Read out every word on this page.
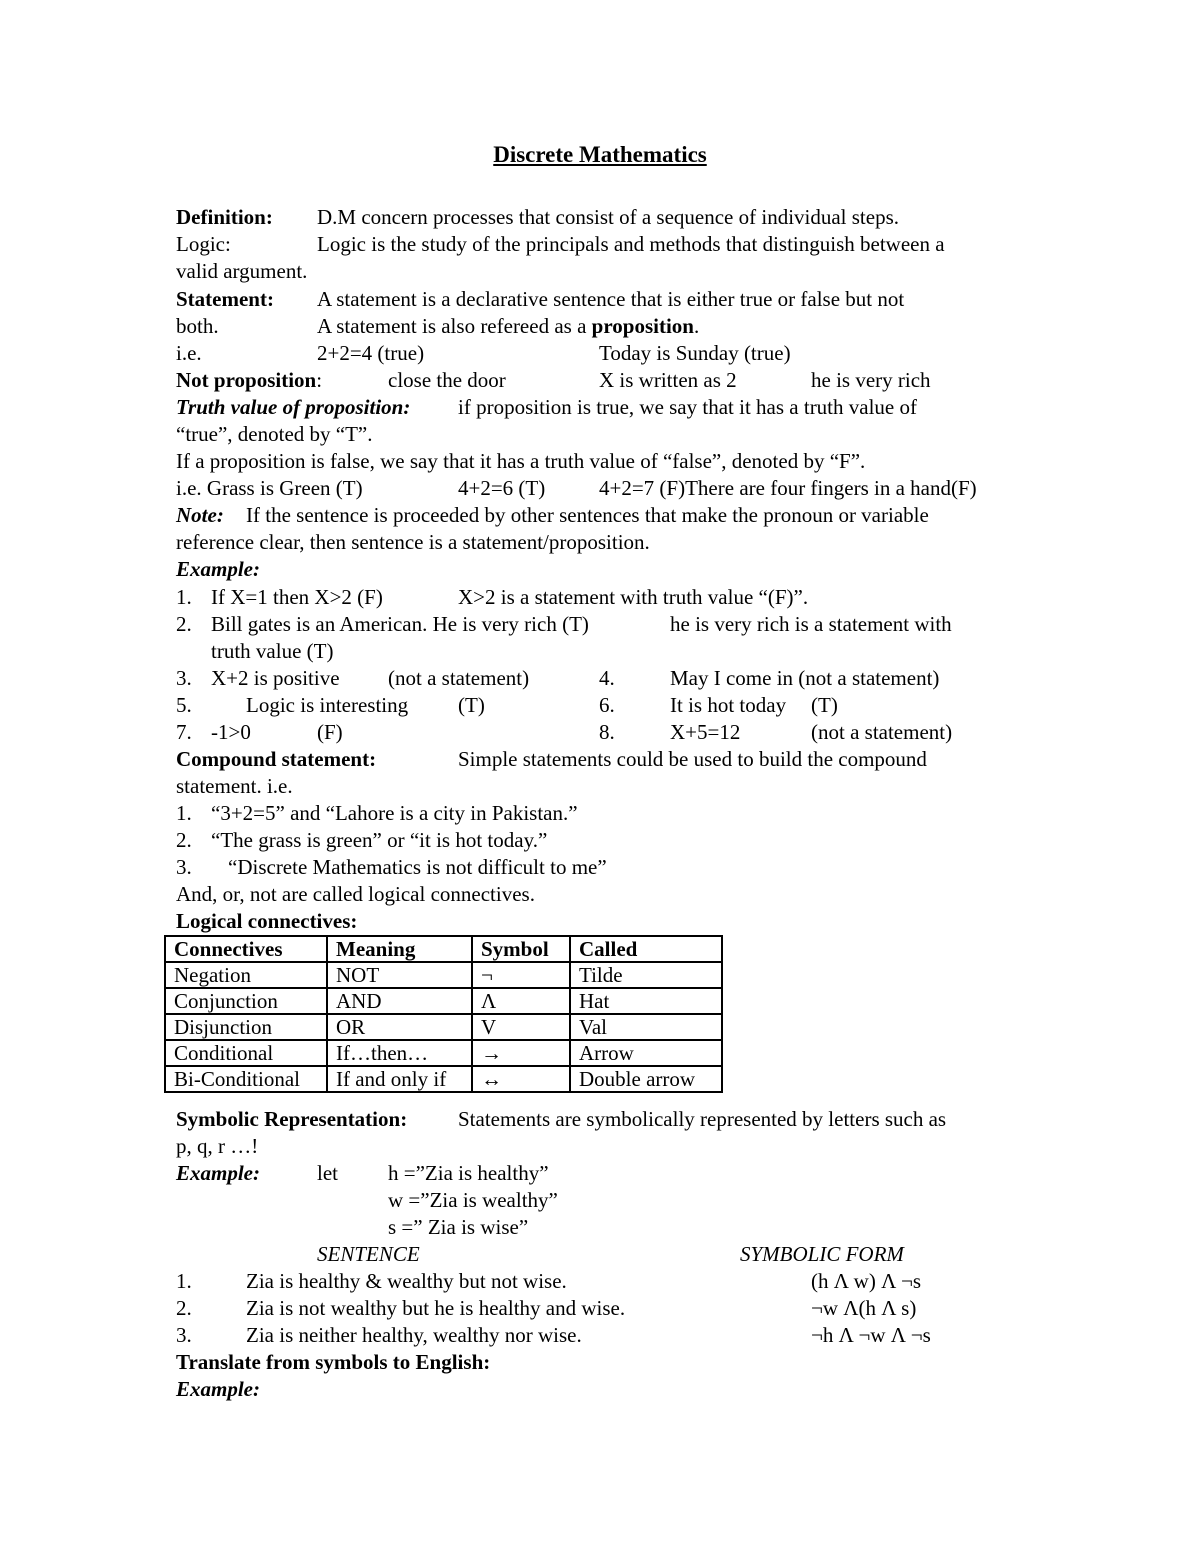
Discrete Mathematics
Definition: D.M concern processes that consist of a sequence of individual steps.
Logic:	Logic is the study of the principals and methods that distinguish between a
valid argument.
Statement: A statement is a declarative sentence that is either true or false but not
both.	A statement is also refereed as a proposition.
i.e.	2+2=4 (true)	Today is Sunday (true)
Not proposition:	close the door	X is written as 2	he is very rich
Truth value of proposition: if proposition is true, we say that it has a truth value of
“true”, denoted by “T”.
If a proposition is false, we say that it has a truth value of “false”, denoted by “F”.
i.e. Grass is Green (T)	4+2=6 (T)	4+2=7 (F)There are four fingers in a hand(F)
Note: If the sentence is proceeded by other sentences that make the pronoun or variable
reference clear, then sentence is a statement/proposition.
Example:
1. If X=1 then X>2 (F)	X>2 is a statement with truth value “(F)”.
2. Bill gates is an American. He is very rich (T)	he is very rich is a statement with
truth value (T)
3. X+2 is positive (not a statement)	4.	May I come in (not a statement)
5.	Logic is interesting (T)	6.	It is hot today (T)
7. -1>0	(F)	8.	X+5=12	(not a statement)
Compound statement:	Simple statements could be used to build the compound
statement. i.e.
1. “3+2=5” and “Lahore is a city in Pakistan.”
2. “The grass is green” or “it is hot today.”
3. “Discrete Mathematics is not difficult to me”
And, or, not are called logical connectives.
Logical connectives:
Connectives	Meaning	Symbol	Called
Negation	NOT	¬	Tilde
Conjunction	AND	Λ	Hat
Disjunction	OR	V	Val
Conditional	If…then…	→	Arrow
Bi-Conditional	If and only if	↔	Double arrow
Symbolic Representation: Statements are symbolically represented by letters such as
p, q, r …!
Example:	let h =”Zia is healthy”
w =”Zia is wealthy”
s =” Zia is wise”
SENTENCE	SYMBOLIC FORM
1.	Zia is healthy & wealthy but not wise.	(h Λ w) Λ ¬s
2.	Zia is not wealthy but he is healthy and wise.	¬w Λ(h Λ s)
3.	Zia is neither healthy, wealthy nor wise.	¬h Λ ¬w Λ ¬s
Translate from symbols to English:
Example:
